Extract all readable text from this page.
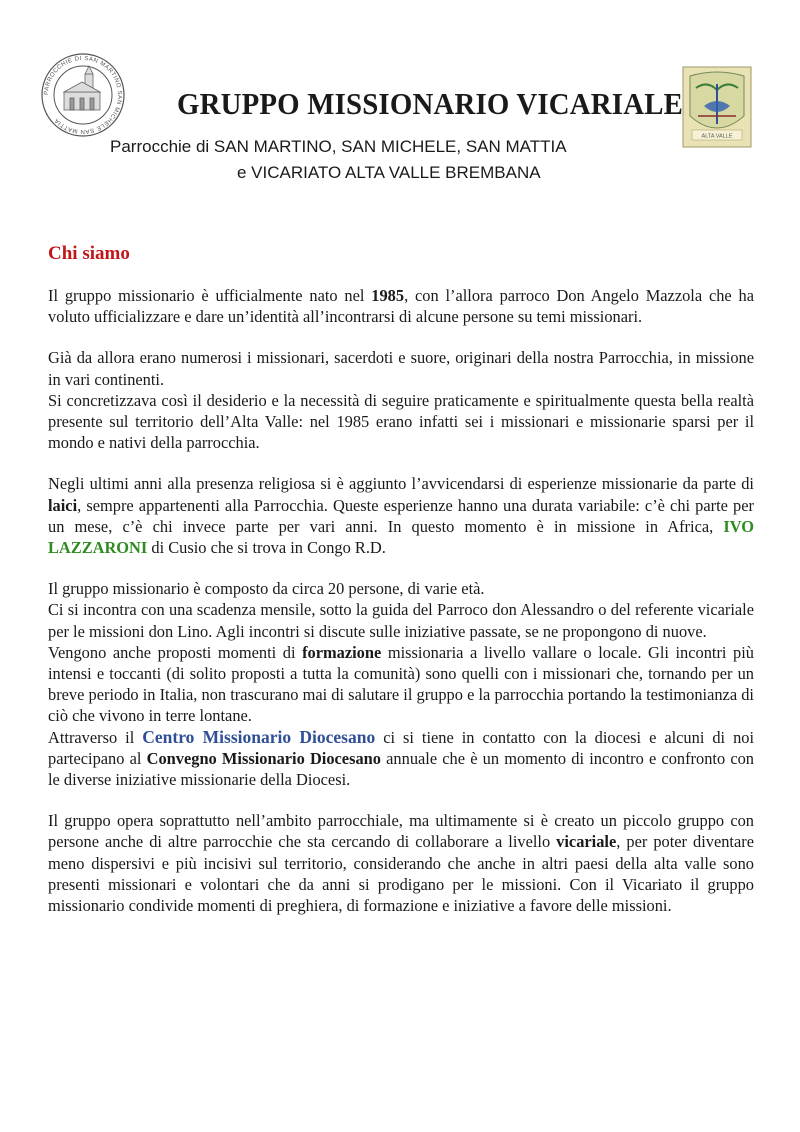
PARROCCHIE DI SAN MARTINO SAN MICHELE SAN MATTIA
ALTA VALLE
GRUPPO MISSIONARIO VICARIALE
Parrocchie di SAN MARTINO, SAN MICHELE, SAN MATTIA
e VICARIATO ALTA VALLE BREMBANA
Chi siamo

Il gruppo missionario è ufficialmente nato nel 1985, con l’allora parroco Don Angelo Mazzola che ha voluto ufficializzare e dare un’identità all’incontrarsi di alcune persone su temi missionari.

Già da allora erano numerosi i missionari, sacerdoti e suore, originari della nostra Parrocchia, in missione in vari continenti.

Si concretizzava così il desiderio e la necessità di seguire praticamente e spiritualmente questa bella realtà presente sul territorio dell’Alta Valle: nel 1985 erano infatti sei i missionari e missionarie sparsi per il mondo e nativi della parrocchia.

Negli ultimi anni alla presenza religiosa si è aggiunto l’avvicendarsi di esperienze missionarie da parte di laici, sempre appartenenti alla Parrocchia. Queste esperienze hanno una durata variabile: c’è chi parte per un mese, c’è chi invece parte per vari anni. In questo momento è in missione in Africa, IVO LAZZARONI di Cusio che si trova in Congo R.D.

Il gruppo missionario è composto da circa 20 persone, di varie età.

Ci si incontra con una scadenza mensile, sotto la guida del Parroco don Alessandro o del referente vicariale per le missioni don Lino. Agli incontri si discute sulle iniziative passate, se ne propongono di nuove.

Vengono anche proposti momenti di formazione missionaria a livello vallare o locale. Gli incontri più intensi e toccanti (di solito proposti a tutta la comunità) sono quelli con i missionari che, tornando per un breve periodo in Italia, non trascurano mai di salutare il gruppo e la parrocchia portando la testimonianza di ciò che vivono in terre lontane.

Attraverso il Centro Missionario Diocesano ci si tiene in contatto con la diocesi e alcuni di noi partecipano al Convegno Missionario Diocesano annuale che è un momento di incontro e confronto con le diverse iniziative missionarie della Diocesi.

Il gruppo opera soprattutto nell’ambito parrocchiale, ma ultimamente si è creato un piccolo gruppo con persone anche di altre parrocchie che sta cercando di collaborare a livello vicariale, per poter diventare meno dispersivi e più incisivi sul territorio, considerando che anche in altri paesi della alta valle sono presenti missionari e volontari che da anni si prodigano per le missioni. Con il Vicariato il gruppo missionario condivide momenti di preghiera, di formazione e iniziative a favore delle missioni.
